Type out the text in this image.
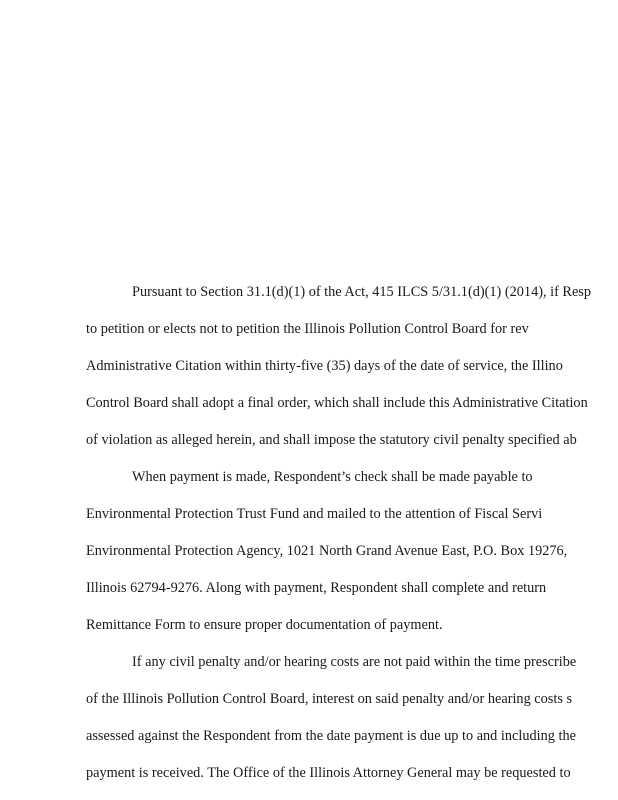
Pursuant to Section 31.1(d)(1) of the Act, 415 ILCS 5/31.1(d)(1) (2014), if Resp
to petition or elects not to petition the Illinois Pollution Control Board for rev
Administrative Citation within thirty-five (35) days of the date of service, the Illino
Control Board shall adopt a final order, which shall include this Administrative Citation
of violation as alleged herein, and shall impose the statutory civil penalty specified ab
When payment is made, Respondent’s check shall be made payable to
Environmental Protection Trust Fund and mailed to the attention of Fiscal Servi
Environmental Protection Agency, 1021 North Grand Avenue East, P.O. Box 19276,
Illinois 62794-9276. Along with payment, Respondent shall complete and return
Remittance Form to ensure proper documentation of payment.
If any civil penalty and/or hearing costs are not paid within the time prescribe
of the Illinois Pollution Control Board, interest on said penalty and/or hearing costs s
assessed against the Respondent from the date payment is due up to and including the
payment is received. The Office of the Illinois Attorney General may be requested to
